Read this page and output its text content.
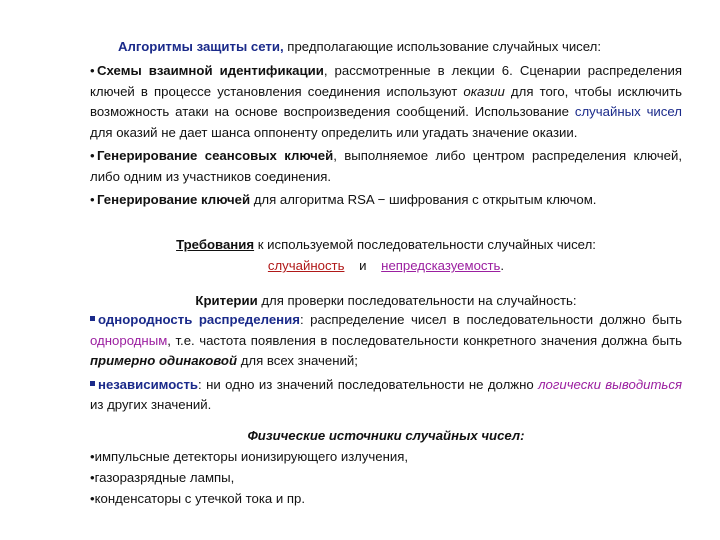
Алгоритмы защиты сети, предполагающие использование случайных чисел:

• Схемы взаимной идентификации, рассмотренные в лекции 6. Сценарии распределения ключей в процессе установления соединения используют оказии для того, чтобы исключить возможность атаки на основе воспроизведения сообщений. Использование случайных чисел для оказий не дает шанса оппоненту определить или угадать значение оказии.

• Генерирование сеансовых ключей, выполняемое либо центром распределения ключей, либо одним из участников соединения.

• Генерирование ключей для алгоритма RSA − шифрования с открытым ключом.

Требования к используемой последовательности случайных чисел:
случайность и непредсказуемость.
Критерии для проверки последовательности на случайность:

однородность распределения: распределение чисел в последовательности должно быть однородным, т.е. частота появления в последовательности конкретного значения должна быть примерно одинаковой для всех значений;

независимость: ни одно из значений последовательности не должно логически выводиться из других значений.

Физические источники случайных чисел:

•импульсные детекторы ионизирующего излучения,

•газоразрядные лампы,

•конденсаторы с утечкой тока и пр.
